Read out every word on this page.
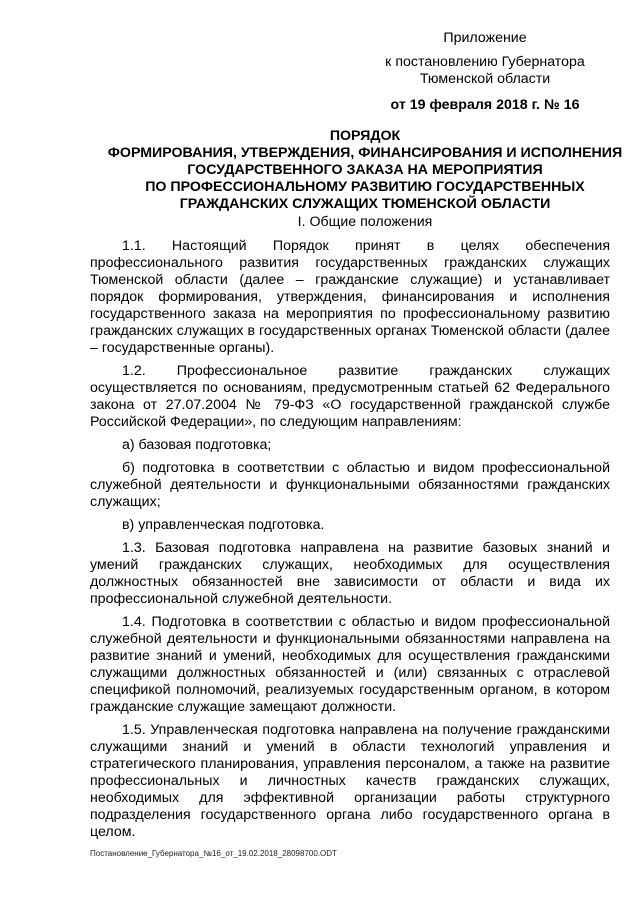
Приложение
к постановлению Губернатора
Тюменской области
от 19 февраля 2018 г. № 16
ПОРЯДОК
ФОРМИРОВАНИЯ, УТВЕРЖДЕНИЯ, ФИНАНСИРОВАНИЯ И ИСПОЛНЕНИЯ
ГОСУДАРСТВЕННОГО ЗАКАЗА НА МЕРОПРИЯТИЯ
ПО ПРОФЕССИОНАЛЬНОМУ РАЗВИТИЮ ГОСУДАРСТВЕННЫХ
ГРАЖДАНСКИХ СЛУЖАЩИХ ТЮМЕНСКОЙ ОБЛАСТИ
I. Общие положения

1.1. Настоящий Порядок принят в целях обеспечения профессионального развития государственных гражданских служащих Тюменской области (далее – гражданские служащие) и устанавливает порядок формирования, утверждения, финансирования и исполнения государственного заказа на мероприятия по профессиональному развитию гражданских служащих в государственных органах Тюменской области (далее – государственные органы).

1.2. Профессиональное развитие гражданских служащих осуществляется по основаниям, предусмотренным статьей 62 Федерального закона от 27.07.2004 № 79-ФЗ «О государственной гражданской службе Российской Федерации», по следующим направлениям:

а) базовая подготовка;

б) подготовка в соответствии с областью и видом профессиональной служебной деятельности и функциональными обязанностями гражданских служащих;

в) управленческая подготовка.

1.3. Базовая подготовка направлена на развитие базовых знаний и умений гражданских служащих, необходимых для осуществления должностных обязанностей вне зависимости от области и вида их профессиональной служебной деятельности.

1.4. Подготовка в соответствии с областью и видом профессиональной служебной деятельности и функциональными обязанностями направлена на развитие знаний и умений, необходимых для осуществления гражданскими служащими должностных обязанностей и (или) связанных с отраслевой спецификой полномочий, реализуемых государственным органом, в котором гражданские служащие замещают должности.

1.5. Управленческая подготовка направлена на получение гражданскими служащими знаний и умений в области технологий управления и стратегического планирования, управления персоналом, а также на развитие профессиональных и личностных качеств гражданских служащих, необходимых для эффективной организации работы структурного подразделения государственного органа либо государственного органа в целом.

Постановление_Губернатора_№16_от_19.02.2018_28098700.ODT
